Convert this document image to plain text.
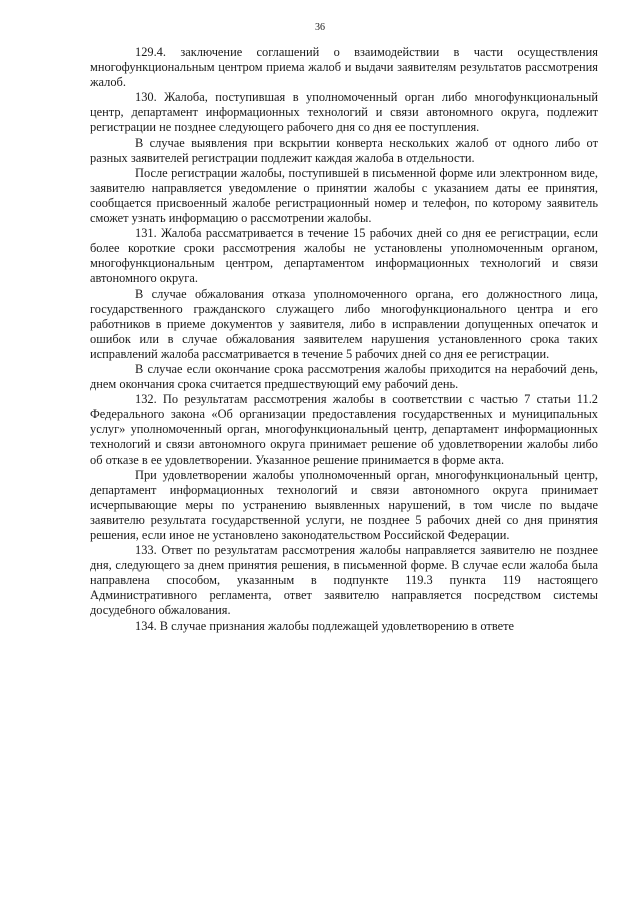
36

129.4. заключение соглашений о взаимодействии в части осуществления многофункциональным центром приема жалоб и выдачи заявителям результатов рассмотрения жалоб.

130. Жалоба, поступившая в уполномоченный орган либо многофункциональный центр, департамент информационных технологий и связи автономного округа, подлежит регистрации не позднее следующего рабочего дня со дня ее поступления.

В случае выявления при вскрытии конверта нескольких жалоб от одного либо от разных заявителей регистрации подлежит каждая жалоба в отдельности.

После регистрации жалобы, поступившей в письменной форме или электронном виде, заявителю направляется уведомление о принятии жалобы с указанием даты ее принятия, сообщается присвоенный жалобе регистрационный номер и телефон, по которому заявитель сможет узнать информацию о рассмотрении жалобы.

131. Жалоба рассматривается в течение 15 рабочих дней со дня ее регистрации, если более короткие сроки рассмотрения жалобы не установлены уполномоченным органом, многофункциональным центром, департаментом информационных технологий и связи автономного округа.

В случае обжалования отказа уполномоченного органа, его должностного лица, государственного гражданского служащего либо многофункционального центра и его работников в приеме документов у заявителя, либо в исправлении допущенных опечаток и ошибок или в случае обжалования заявителем нарушения установленного срока таких исправлений жалоба рассматривается в течение 5 рабочих дней со дня ее регистрации.

В случае если окончание срока рассмотрения жалобы приходится на нерабочий день, днем окончания срока считается предшествующий ему рабочий день.

132. По результатам рассмотрения жалобы в соответствии с частью 7 статьи 11.2 Федерального закона «Об организации предоставления государственных и муниципальных услуг» уполномоченный орган, многофункциональный центр, департамент информационных технологий и связи автономного округа принимает решение об удовлетворении жалобы либо об отказе в ее удовлетворении. Указанное решение принимается в форме акта.

При удовлетворении жалобы уполномоченный орган, многофункциональный центр, департамент информационных технологий и связи автономного округа принимает исчерпывающие меры по устранению выявленных нарушений, в том числе по выдаче заявителю результата государственной услуги, не позднее 5 рабочих дней со дня принятия решения, если иное не установлено законодательством Российской Федерации.

133. Ответ по результатам рассмотрения жалобы направляется заявителю не позднее дня, следующего за днем принятия решения, в письменной форме. В случае если жалоба была направлена способом, указанным в подпункте 119.3 пункта 119 настоящего Административного регламента, ответ заявителю направляется посредством системы досудебного обжалования.

134. В случае признания жалобы подлежащей удовлетворению в ответе
